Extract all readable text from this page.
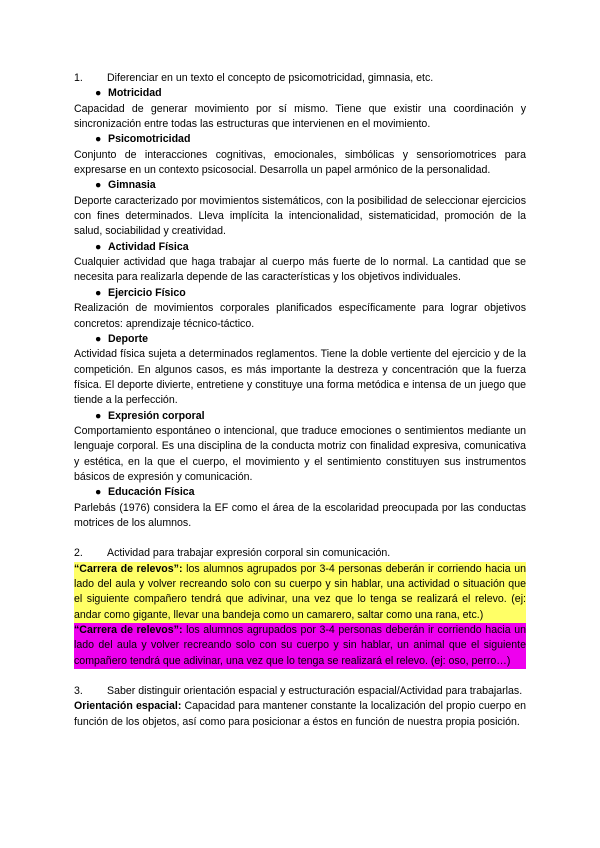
1.	Diferenciar en un texto el concepto de psicomotricidad, gimnasia, etc.
● Motricidad

Capacidad de generar movimiento por sí mismo. Tiene que existir una coordinación y sincronización entre todas las estructuras que intervienen en el movimiento.

● Psicomotricidad

Conjunto de interacciones cognitivas, emocionales, simbólicas y sensoriomotrices para expresarse en un contexto psicosocial. Desarrolla un papel armónico de la personalidad.

● Gimnasia

Deporte caracterizado por movimientos sistemáticos, con la posibilidad de seleccionar ejercicios con fines determinados. Lleva implícita la intencionalidad, sistematicidad, promoción de la salud, sociabilidad y creatividad.

● Actividad Física

Cualquier actividad que haga trabajar al cuerpo más fuerte de lo normal. La cantidad que se necesita para realizarla depende de las características y los objetivos individuales.

● Ejercicio Físico

Realización de movimientos corporales planificados específicamente para lograr objetivos concretos: aprendizaje técnico-táctico.

● Deporte

Actividad física sujeta a determinados reglamentos. Tiene la doble vertiente del ejercicio y de la competición. En algunos casos, es más importante la destreza y concentración que la fuerza física. El deporte divierte, entretiene y constituye una forma metódica e intensa de un juego que tiende a la perfección.

● Expresión corporal

Comportamiento espontáneo o intencional, que traduce emociones o sentimientos mediante un lenguaje corporal. Es una disciplina de la conducta motriz con finalidad expresiva, comunicativa y estética, en la que el cuerpo, el movimiento y el sentimiento constituyen sus instrumentos básicos de expresión y comunicación.

● Educación Física

Parlebás (1976) considera la EF como el área de la escolaridad preocupada por las conductas motrices de los alumnos.

2.	Actividad para trabajar expresión corporal sin comunicación.

“Carrera de relevos”: los alumnos agrupados por 3-4 personas deberán ir corriendo hacia un lado del aula y volver recreando solo con su cuerpo y sin hablar, una actividad o situación que el siguiente compañero tendrá que adivinar, una vez que lo tenga se realizará el relevo. (ej: andar como gigante, llevar una bandeja como un camarero, saltar como una rana, etc.)

“Carrera de relevos”: los alumnos agrupados por 3-4 personas deberán ir corriendo hacia un lado del aula y volver recreando solo con su cuerpo y sin hablar, un animal que el siguiente compañero tendrá que adivinar, una vez que lo tenga se realizará el relevo. (ej: oso, perro…)

3.	Saber distinguir orientación espacial y estructuración espacial/Actividad para trabajarlas.

Orientación espacial: Capacidad para mantener constante la localización del propio cuerpo en función de los objetos, así como para posicionar a éstos en función de nuestra propia posición.
